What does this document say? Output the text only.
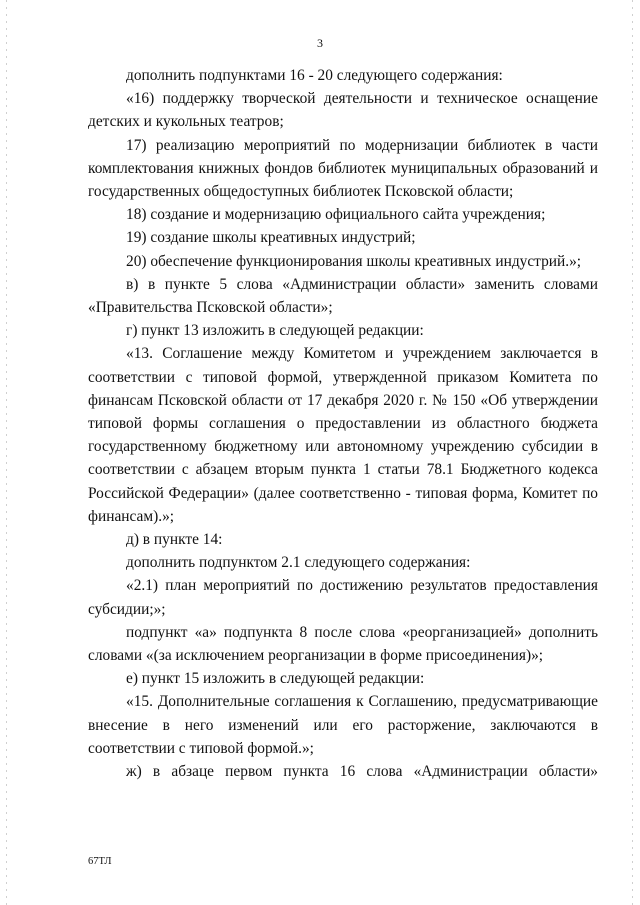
3

дополнить подпунктами 16 - 20 следующего содержания:

«16) поддержку творческой деятельности и техническое оснащение детских и кукольных театров;

17) реализацию мероприятий по модернизации библиотек в части комплектования книжных фондов библиотек муниципальных образований и государственных общедоступных библиотек Псковской области;

18) создание и модернизацию официального сайта учреждения;

19) создание школы креативных индустрий;

20) обеспечение функционирования школы креативных индустрий.»;

в) в пункте 5 слова «Администрации области» заменить словами «Правительства Псковской области»;

г) пункт 13 изложить в следующей редакции:

«13. Соглашение между Комитетом и учреждением заключается в соответствии с типовой формой, утвержденной приказом Комитета по финансам Псковской области от 17 декабря 2020 г. № 150 «Об утверждении типовой формы соглашения о предоставлении из областного бюджета государственному бюджетному или автономному учреждению субсидии в соответствии с абзацем вторым пункта 1 статьи 78.1 Бюджетного кодекса Российской Федерации» (далее соответственно - типовая форма, Комитет по финансам).»;

д) в пункте 14:

дополнить подпунктом 2.1 следующего содержания:

«2.1) план мероприятий по достижению результатов предоставления субсидии;»;

подпункт «а» подпункта 8 после слова «реорганизацией» дополнить словами «(за исключением реорганизации в форме присоединения)»;

е) пункт 15 изложить в следующей редакции:

«15. Дополнительные соглашения к Соглашению, предусматривающие внесение в него изменений или его расторжение, заключаются в соответствии с типовой формой.»;

ж) в абзаце первом пункта 16 слова «Администрации области»

67ТЛ
